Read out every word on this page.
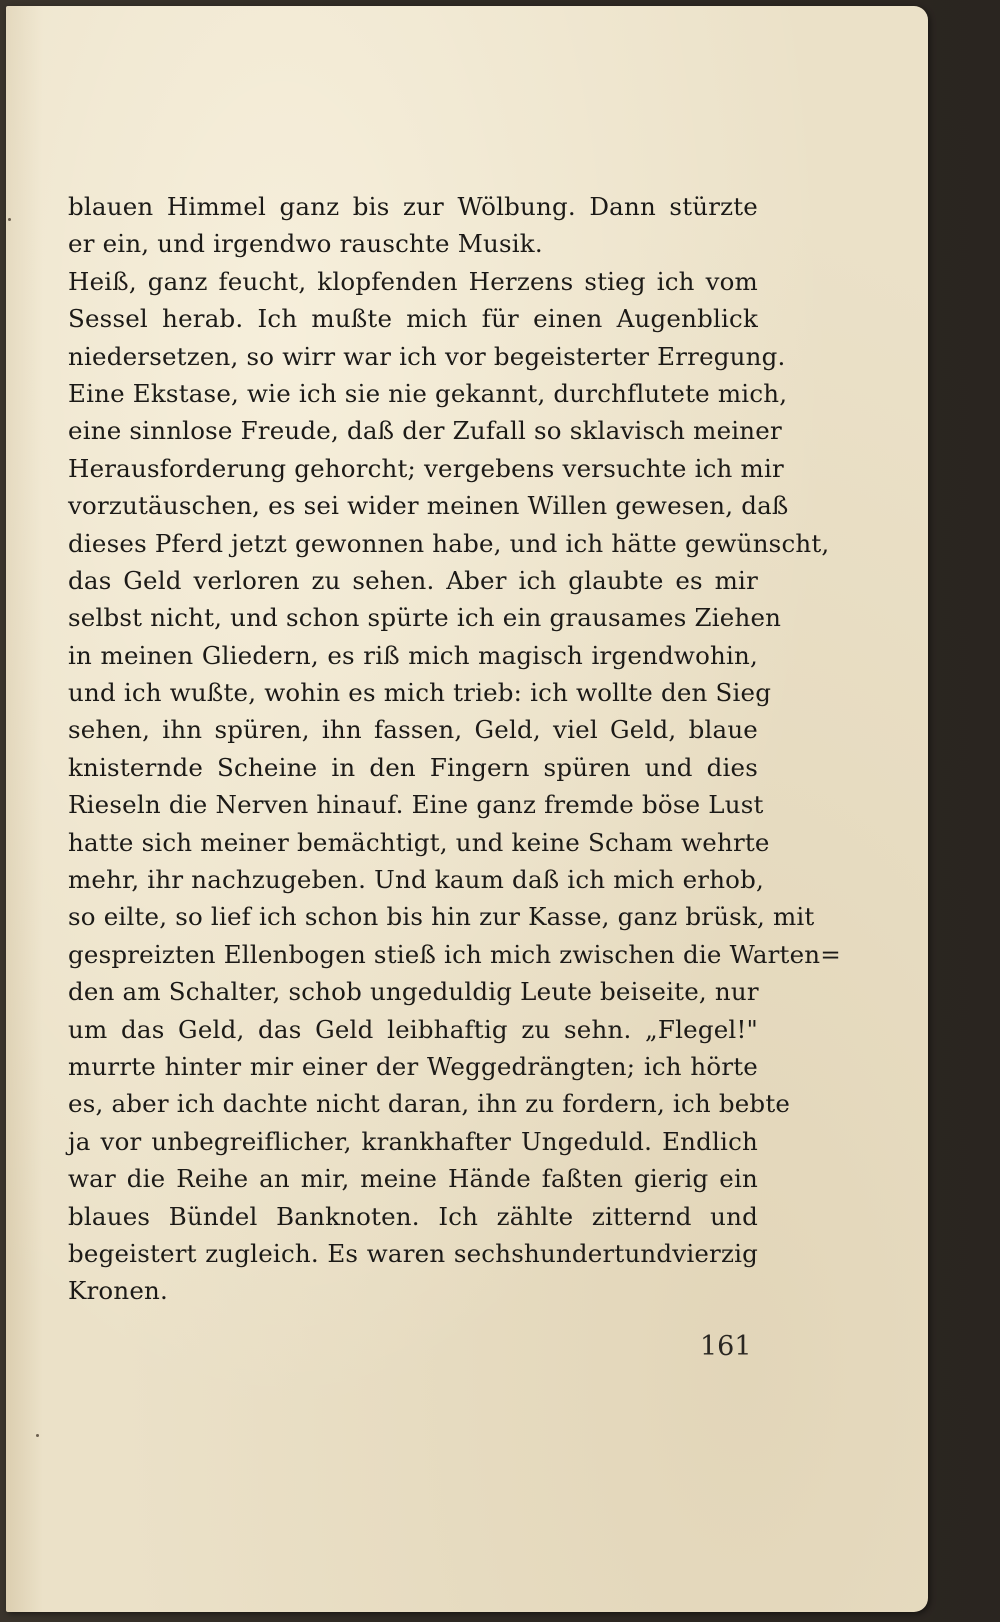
blauen Himmel ganz bis zur Wölbung. Dann stürzte
er ein, und irgendwo rauschte Musik.
Heiß, ganz feucht, klopfenden Herzens stieg ich vom
Sessel herab. Ich mußte mich für einen Augenblick
niedersetzen, so wirr war ich vor begeisterter Erregung.
Eine Ekstase, wie ich sie nie gekannt, durchflutete mich,
eine sinnlose Freude, daß der Zufall so sklavisch meiner
Herausforderung gehorcht; vergebens versuchte ich mir
vorzutäuschen, es sei wider meinen Willen gewesen, daß
dieses Pferd jetzt gewonnen habe, und ich hätte gewünscht,
das Geld verloren zu sehen. Aber ich glaubte es mir
selbst nicht, und schon spürte ich ein grausames Ziehen
in meinen Gliedern, es riß mich magisch irgendwohin,
und ich wußte, wohin es mich trieb: ich wollte den Sieg
sehen, ihn spüren, ihn fassen, Geld, viel Geld, blaue
knisternde Scheine in den Fingern spüren und dies
Rieseln die Nerven hinauf. Eine ganz fremde böse Lust
hatte sich meiner bemächtigt, und keine Scham wehrte
mehr, ihr nachzugeben. Und kaum daß ich mich erhob,
so eilte, so lief ich schon bis hin zur Kasse, ganz brüsk, mit
gespreizten Ellenbogen stieß ich mich zwischen die Warten=
den am Schalter, schob ungeduldig Leute beiseite, nur
um das Geld, das Geld leibhaftig zu sehn. „Flegel!"
murrte hinter mir einer der Weggedrängten; ich hörte
es, aber ich dachte nicht daran, ihn zu fordern, ich bebte
ja vor unbegreiflicher, krankhafter Ungeduld. Endlich
war die Reihe an mir, meine Hände faßten gierig ein
blaues Bündel Banknoten. Ich zählte zitternd und
begeistert zugleich. Es waren sechshundertundvierzig
Kronen.
161
